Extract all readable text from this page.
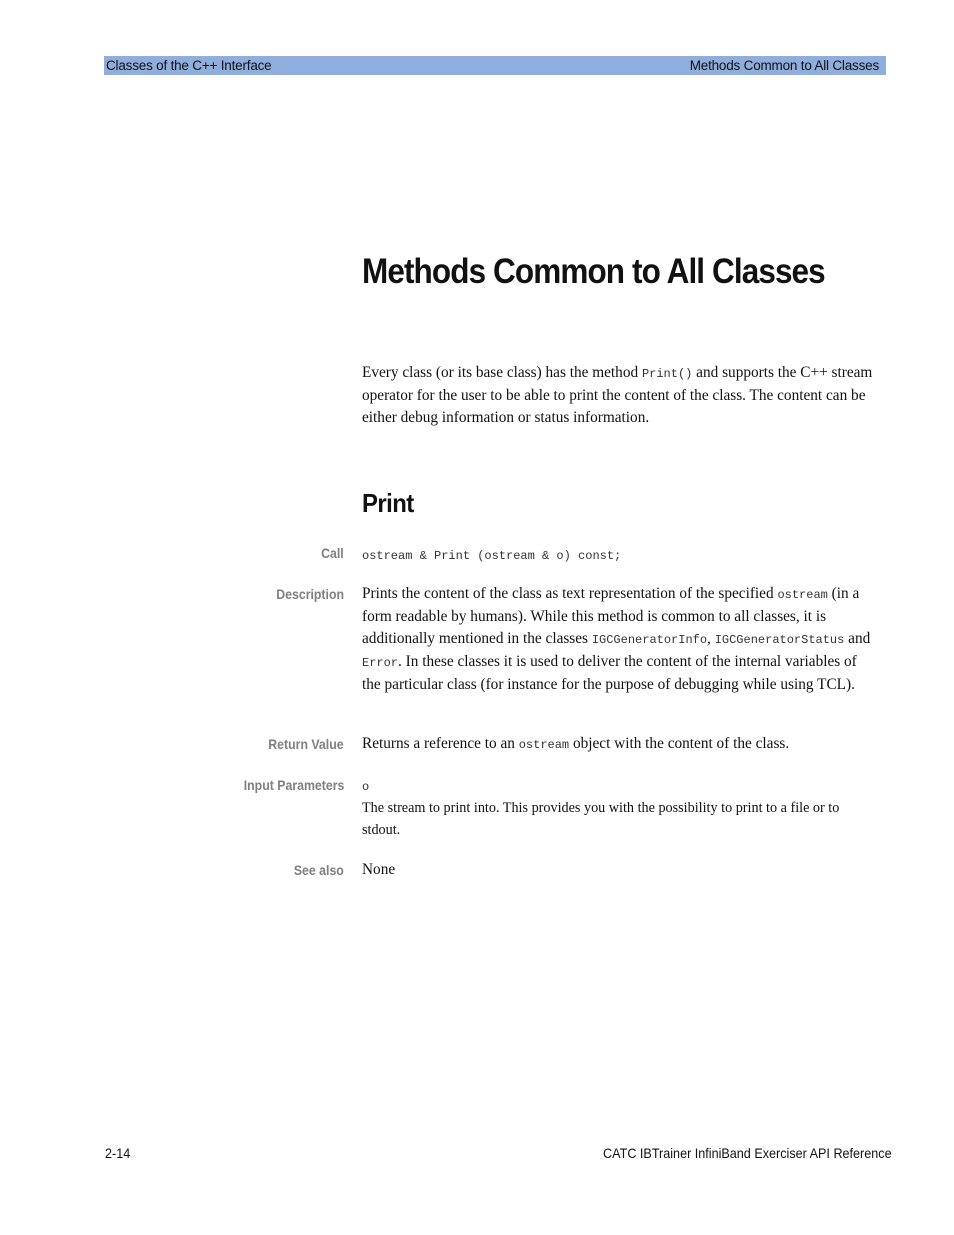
Classes of the C++ Interface	Methods Common to All Classes
Methods Common to All Classes

Every class (or its base class) has the method Print() and supports the C++ stream operator for the user to be able to print the content of the class. The content can be either debug information or status information.

Print
Call ostream & Print (ostream & o) const;
Description Prints the content of the class as text representation of the specified ostream (in a form readable by humans). While this method is common to all classes, it is additionally mentioned in the classes IGCGeneratorInfo, IGCGeneratorStatus and Error. In these classes it is used to deliver the content of the internal variables of the particular class (for instance for the purpose of debugging while using TCL).

Return Value Returns a reference to an ostream object with the content of the class.

Input Parameters o

The stream to print into. This provides you with the possibility to print to a file or to stdout.

See also None

2-14	CATC IBTrainer InfiniBand Exerciser API Reference
